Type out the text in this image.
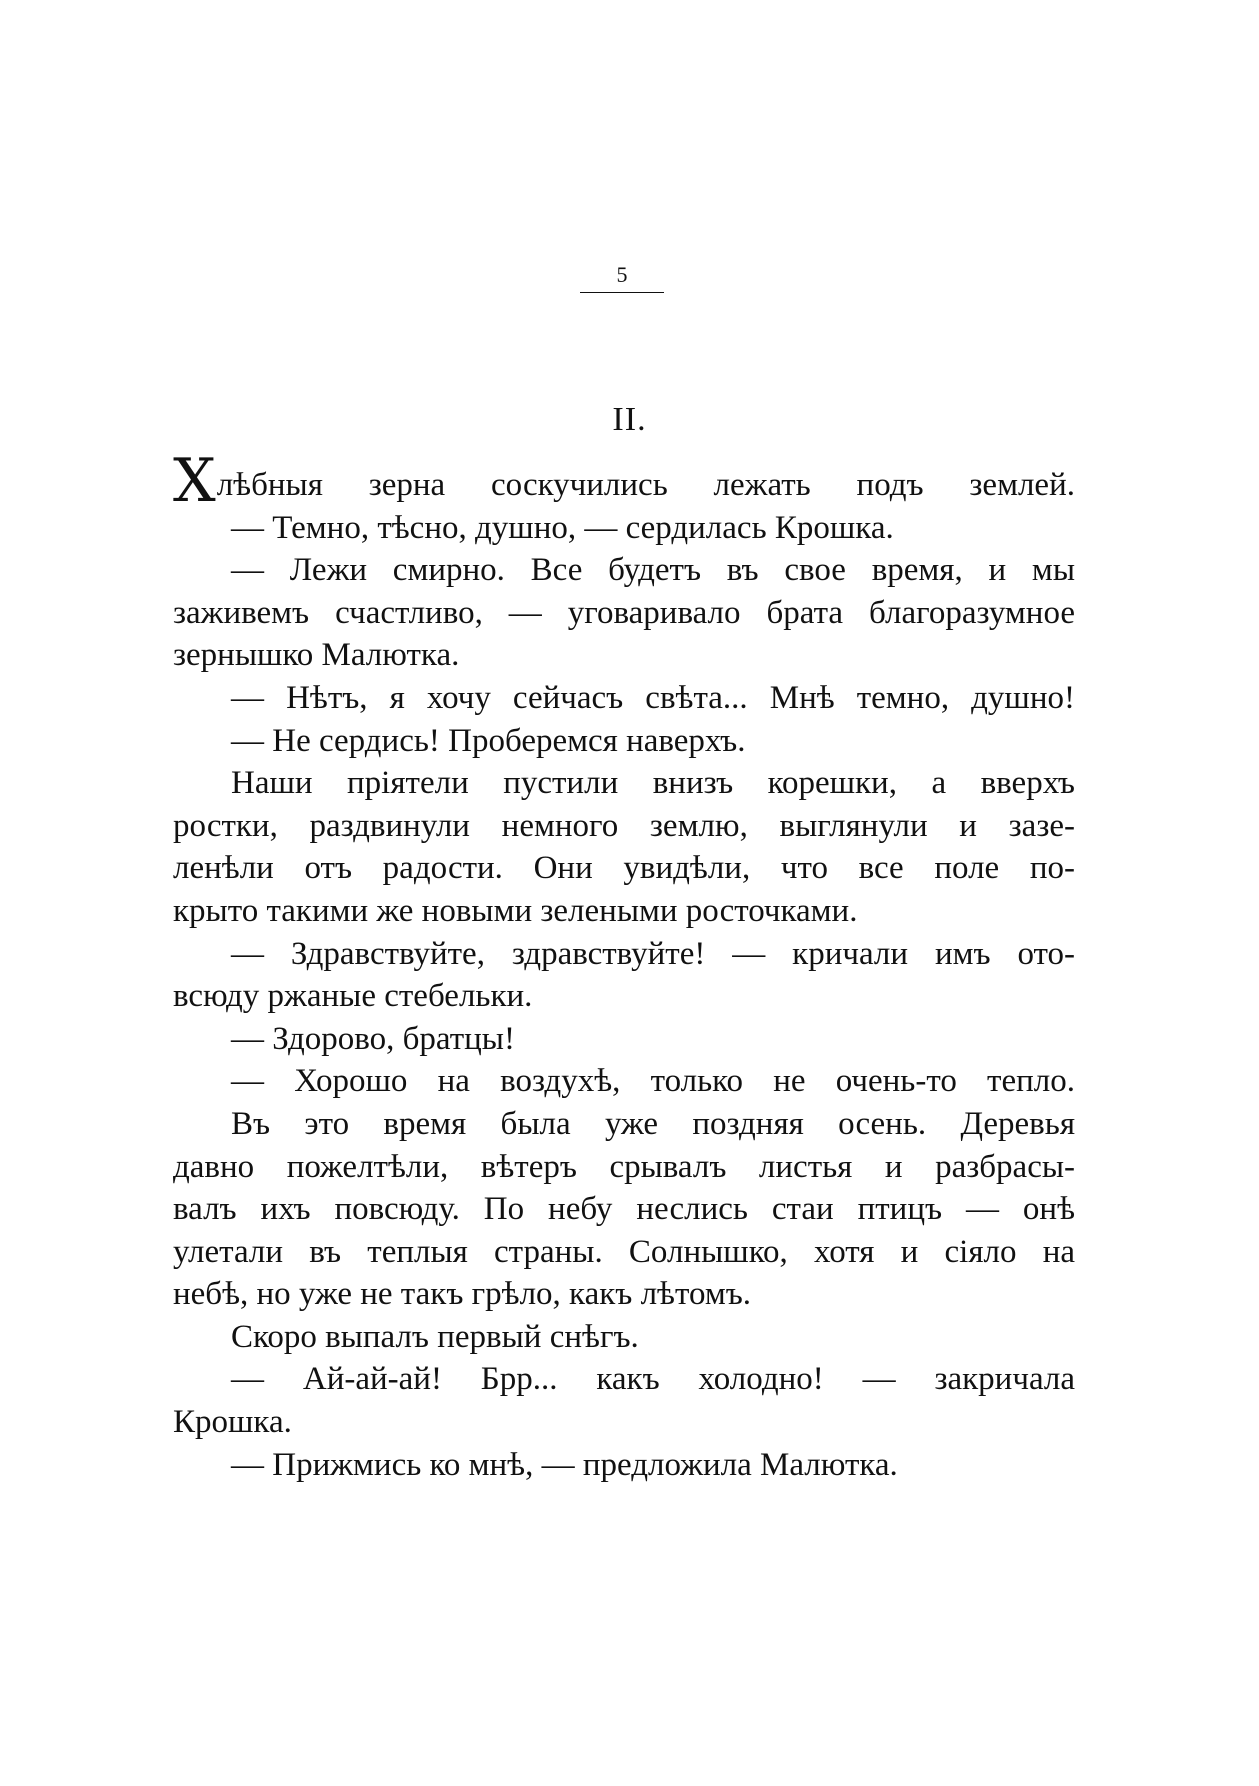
5
II.
Хлѣбныя зерна соскучились лежать подъ землей.
— Темно, тѣсно, душно, — сердилась Крошка.
— Лежи смирно. Все будетъ въ свое время, и мы
заживемъ счастливо, — уговаривало брата благоразумное
зернышко Малютка.
— Нѣтъ, я хочу сейчасъ свѣта... Мнѣ темно, душно!
— Не сердись! Проберемся наверхъ.
Наши пріятели пустили внизъ корешки, а вверхъ
ростки, раздвинули немного землю, выглянули и зазе-
ленѣли отъ радости. Они увидѣли, что все поле по-
крыто такими же новыми зелеными росточками.
— Здравствуйте, здравствуйте! — кричали имъ ото-
всюду ржаные стебельки.
— Здорово, братцы!
— Хорошо на воздухѣ, только не очень-то тепло.
Въ это время была уже поздняя осень. Деревья
давно пожелтѣли, вѣтеръ срывалъ листья и разбрасы-
валъ ихъ повсюду. По небу неслись стаи птицъ — онѣ
улетали въ теплыя страны. Солнышко, хотя и сіяло на
небѣ, но уже не такъ грѣло, какъ лѣтомъ.
Скоро выпалъ первый снѣгъ.
— Ай-ай-ай! Брр... какъ холодно! — закричала
Крошка.
— Прижмись ко мнѣ, — предложила Малютка.
